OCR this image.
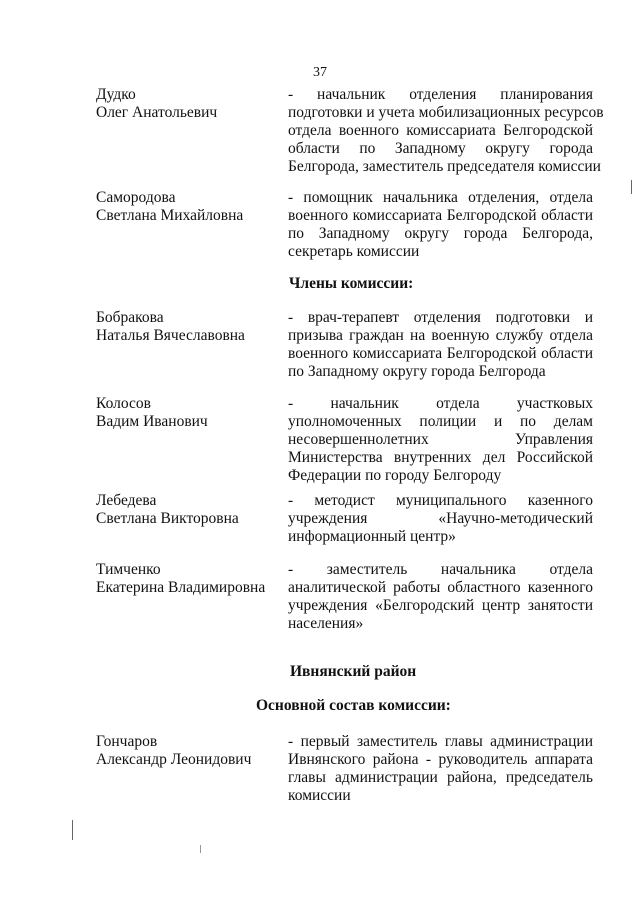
37
Дудко
Олег Анатольевич
- начальник отделения планирования
подготовки и учета мобилизационных ресурсов
отдела военного комиссариата Белгородской
области по Западному округу города
Белгорода, заместитель председателя комиссии
Самородова
Светлана Михайловна
- помощник начальника отделения, отдела
военного комиссариата Белгородской области
по Западному округу города Белгорода,
секретарь комиссии
Члены комиссии:
Бобракова
Наталья Вячеславовна
- врач-терапевт отделения подготовки и
призыва граждан на военную службу отдела
военного комиссариата Белгородской области
по Западному округу города Белгорода
Колосов
Вадим Иванович
- начальник отдела участковых
уполномоченных полиции и по делам
несовершеннолетних Управления
Министерства внутренних дел Российской
Федерации по городу Белгороду
Лебедева
Светлана Викторовна
- методист муниципального казенного
учреждения «Научно-методический
информационный центр»
Тимченко
Екатерина Владимировна
- заместитель начальника отдела
аналитической работы областного казенного
учреждения «Белгородский центр занятости
населения»
Ивнянский район
Основной состав комиссии:
Гончаров
Александр Леонидович
- первый заместитель главы администрации
Ивнянского района - руководитель аппарата
главы администрации района, председатель
комиссии
